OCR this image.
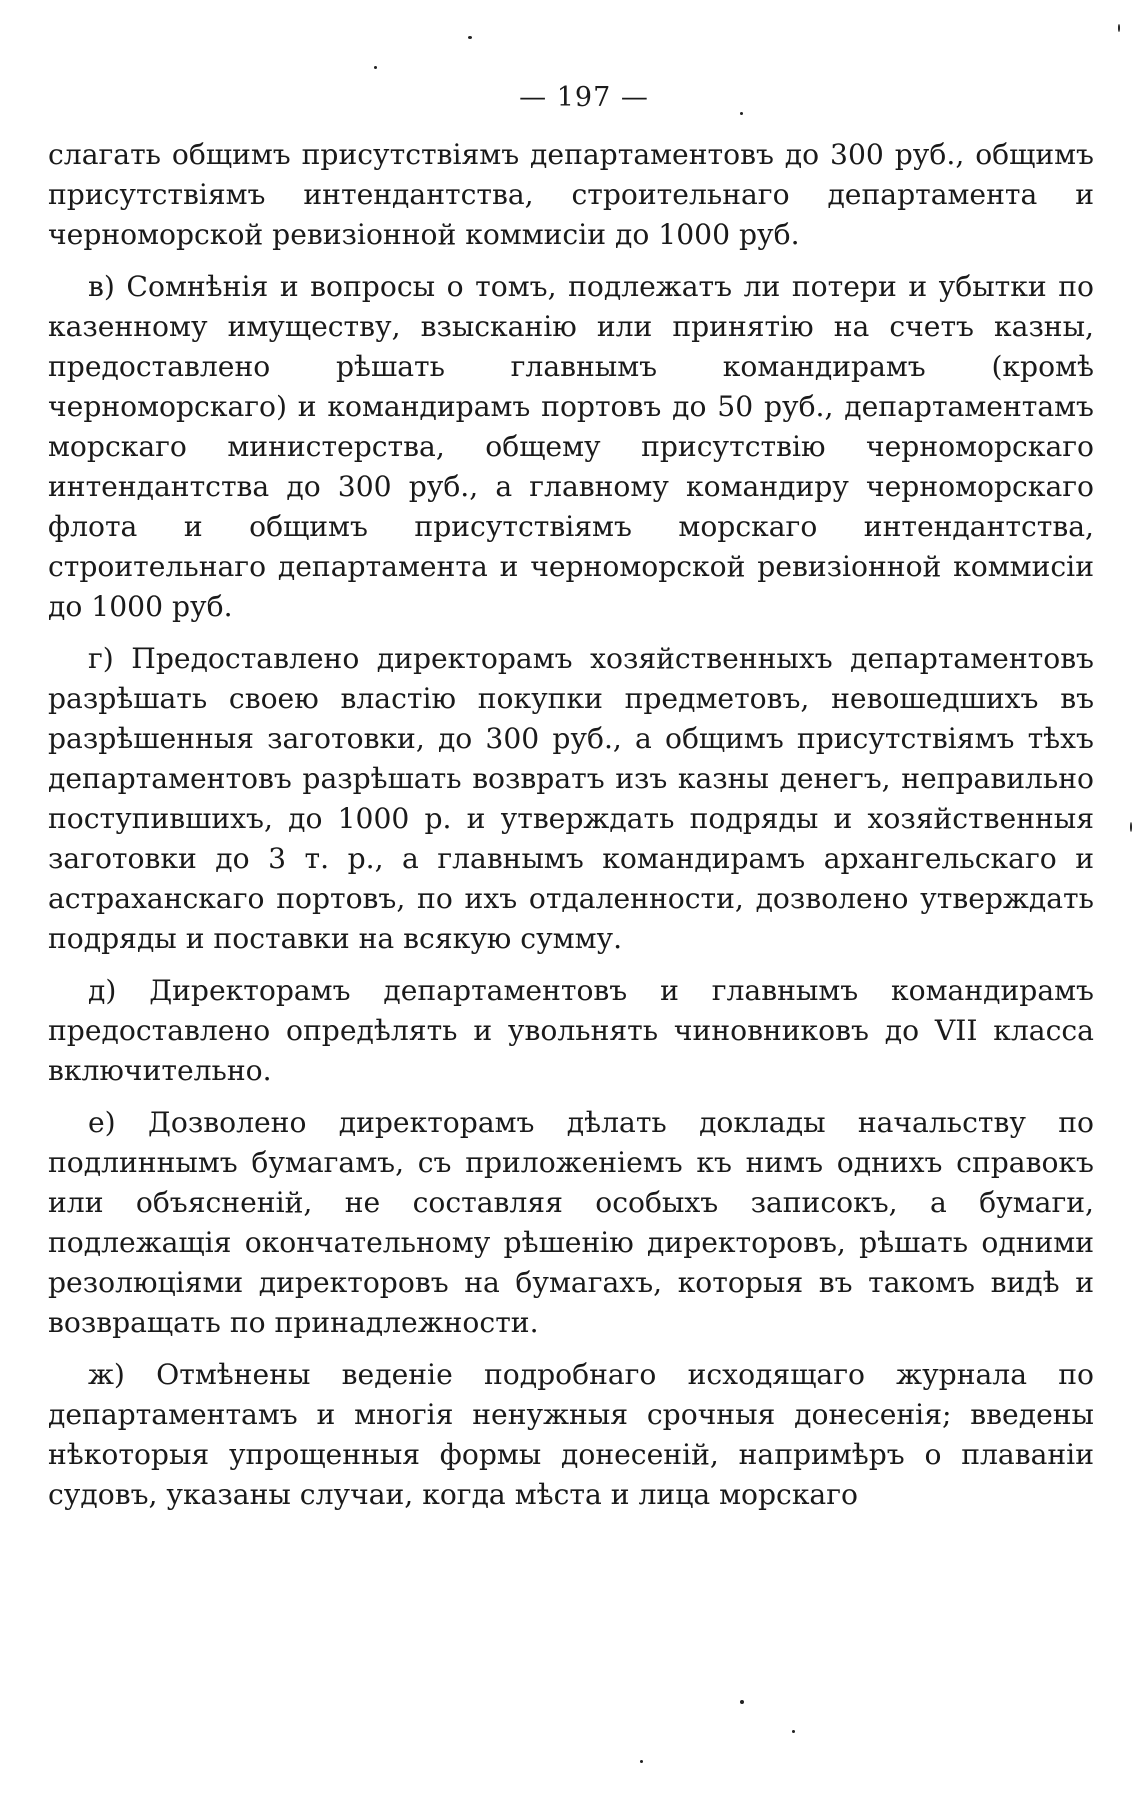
— 197 —

слагать общимъ присутствіямъ департаментовъ до 300 руб., общимъ присутствіямъ интендантства, строительнаго департамента и черноморской ревизіонной коммисіи до 1000 руб.

в) Сомнѣнія и вопросы о томъ, подлежатъ ли потери и убытки по казенному имуществу, взысканію или принятію на счетъ казны, предоставлено рѣшать главнымъ командирамъ (кромѣ черноморскаго) и командирамъ портовъ до 50 руб., департаментамъ морскаго министерства, общему присутствію черноморскаго интендантства до 300 руб., а главному командиру черноморскаго флота и общимъ присутствіямъ морскаго интендантства, строительнаго департамента и черноморской ревизіонной коммисіи до 1000 руб.

г) Предоставлено директорамъ хозяйственныхъ департаментовъ разрѣшать своею властію покупки предметовъ, невошедшихъ въ разрѣшенныя заготовки, до 300 руб., а общимъ присутствіямъ тѣхъ департаментовъ разрѣшать возвратъ изъ казны денегъ, неправильно поступившихъ, до 1000 р. и утверждать подряды и хозяйственныя заготовки до 3 т. р., а главнымъ командирамъ архангельскаго и астраханскаго портовъ, по ихъ отдаленности, дозволено утверждать подряды и поставки на всякую сумму.

д) Директорамъ департаментовъ и главнымъ командирамъ предоставлено опредѣлять и увольнять чиновниковъ до VII класса включительно.

е) Дозволено директорамъ дѣлать доклады начальству по подлиннымъ бумагамъ, съ приложеніемъ къ нимъ однихъ справокъ или объясненій, не составляя особыхъ записокъ, а бумаги, подлежащія окончательному рѣшенію директоровъ, рѣшать одними резолюціями директоровъ на бумагахъ, которыя въ такомъ видѣ и возвращать по принадлежности.

ж) Отмѣнены веденіе подробнаго исходящаго журнала по департаментамъ и многія ненужныя срочныя донесенія; введены нѣкоторыя упрощенныя формы донесеній, напримѣръ о плаваніи судовъ, указаны случаи, когда мѣста и лица морскаго
